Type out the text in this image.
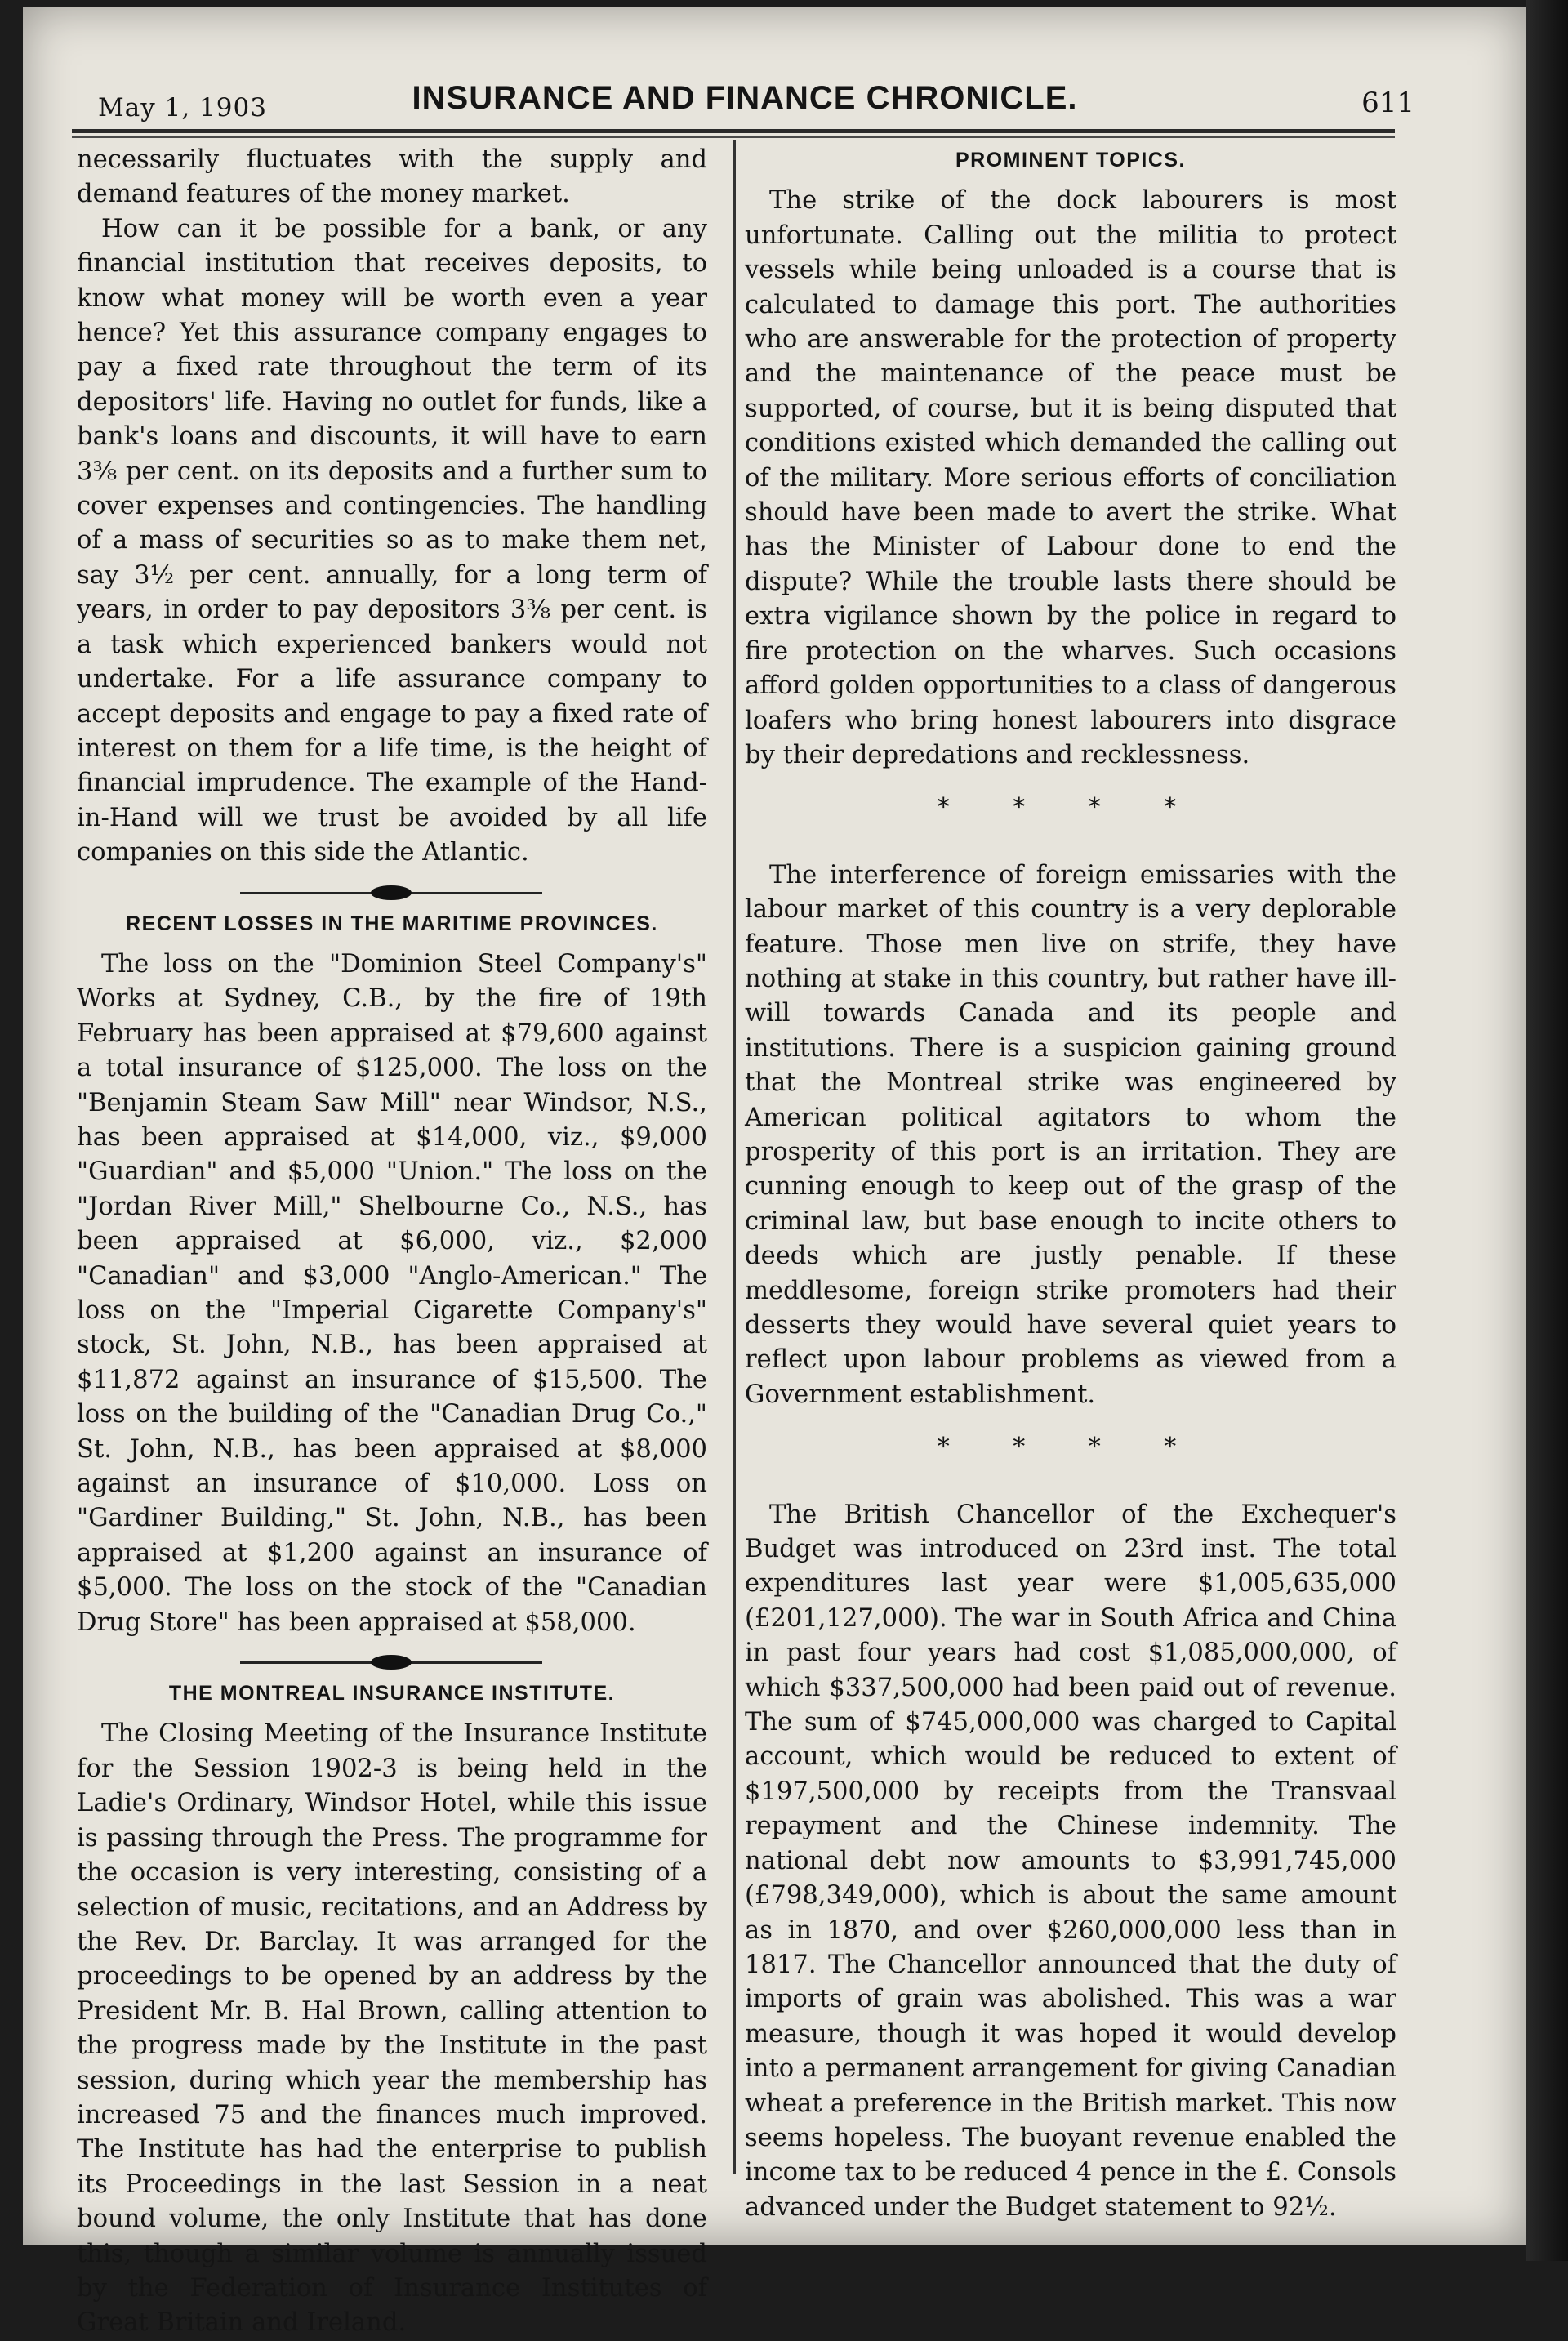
May 1, 1903	INSURANCE AND FINANCE CHRONICLE.	611

necessarily fluctuates with the supply and demand features of the money market.

How can it be possible for a bank, or any financial institution that receives deposits, to know what money will be worth even a year hence? Yet this assurance company engages to pay a fixed rate throughout the term of its depositors' life. Having no outlet for funds, like a bank's loans and discounts, it will have to earn 3⅜ per cent. on its deposits and a further sum to cover expenses and contingencies. The handling of a mass of securities so as to make them net, say 3½ per cent. annually, for a long term of years, in order to pay depositors 3⅜ per cent. is a task which experienced bankers would not undertake. For a life assurance company to accept deposits and engage to pay a fixed rate of interest on them for a life time, is the height of financial imprudence. The example of the Hand-in-Hand will we trust be avoided by all life companies on this side the Atlantic.

RECENT LOSSES IN THE MARITIME PROVINCES.

The loss on the "Dominion Steel Company's" Works at Sydney, C.B., by the fire of 19th February has been appraised at $79,600 against a total insurance of $125,000. The loss on the "Benjamin Steam Saw Mill" near Windsor, N.S., has been appraised at $14,000, viz., $9,000 "Guardian" and $5,000 "Union." The loss on the "Jordan River Mill," Shelbourne Co., N.S., has been appraised at $6,000, viz., $2,000 "Canadian" and $3,000 "Anglo-American." The loss on the "Imperial Cigarette Company's" stock, St. John, N.B., has been appraised at $11,872 against an insurance of $15,500. The loss on the building of the "Canadian Drug Co.," St. John, N.B., has been appraised at $8,000 against an insurance of $10,000. Loss on "Gardiner Building," St. John, N.B., has been appraised at $1,200 against an insurance of $5,000. The loss on the stock of the "Canadian Drug Store" has been appraised at $58,000.

THE MONTREAL INSURANCE INSTITUTE.

The Closing Meeting of the Insurance Institute for the Session 1902-3 is being held in the Ladie's Ordinary, Windsor Hotel, while this issue is passing through the Press. The programme for the occasion is very interesting, consisting of a selection of music, recitations, and an Address by the Rev. Dr. Barclay. It was arranged for the proceedings to be opened by an address by the President Mr. B. Hal Brown, calling attention to the progress made by the Institute in the past session, during which year the membership has increased 75 and the finances much improved. The Institute has had the enterprise to publish its Proceedings in the last Session in a neat bound volume, the only Institute that has done this, though a similar volume is annually issued by the Federation of Insurance Institutes of Great Britain and Ireland.

PROMINENT TOPICS.

The strike of the dock labourers is most unfortunate. Calling out the militia to protect vessels while being unloaded is a course that is calculated to damage this port. The authorities who are answerable for the protection of property and the maintenance of the peace must be supported, of course, but it is being disputed that conditions existed which demanded the calling out of the military. More serious efforts of conciliation should have been made to avert the strike. What has the Minister of Labour done to end the dispute? While the trouble lasts there should be extra vigilance shown by the police in regard to fire protection on the wharves. Such occasions afford golden opportunities to a class of dangerous loafers who bring honest labourers into disgrace by their depredations and recklessness.

* * * *

The interference of foreign emissaries with the labour market of this country is a very deplorable feature. Those men live on strife, they have nothing at stake in this country, but rather have ill-will towards Canada and its people and institutions. There is a suspicion gaining ground that the Montreal strike was engineered by American political agitators to whom the prosperity of this port is an irritation. They are cunning enough to keep out of the grasp of the criminal law, but base enough to incite others to deeds which are justly penable. If these meddlesome, foreign strike promoters had their desserts they would have several quiet years to reflect upon labour problems as viewed from a Government establishment.

* * * *

The British Chancellor of the Exchequer's Budget was introduced on 23rd inst. The total expenditures last year were $1,005,635,000 (£201,127,000). The war in South Africa and China in past four years had cost $1,085,000,000, of which $337,500,000 had been paid out of revenue. The sum of $745,000,000 was charged to Capital account, which would be reduced to extent of $197,500,000 by receipts from the Transvaal repayment and the Chinese indemnity. The national debt now amounts to $3,991,745,000 (£798,349,000), which is about the same amount as in 1870, and over $260,000,000 less than in 1817. The Chancellor announced that the duty of imports of grain was abolished. This was a war measure, though it was hoped it would develop into a permanent arrangement for giving Canadian wheat a preference in the British market. This now seems hopeless. The buoyant revenue enabled the income tax to be reduced 4 pence in the £. Consols advanced under the Budget statement to 92½.
